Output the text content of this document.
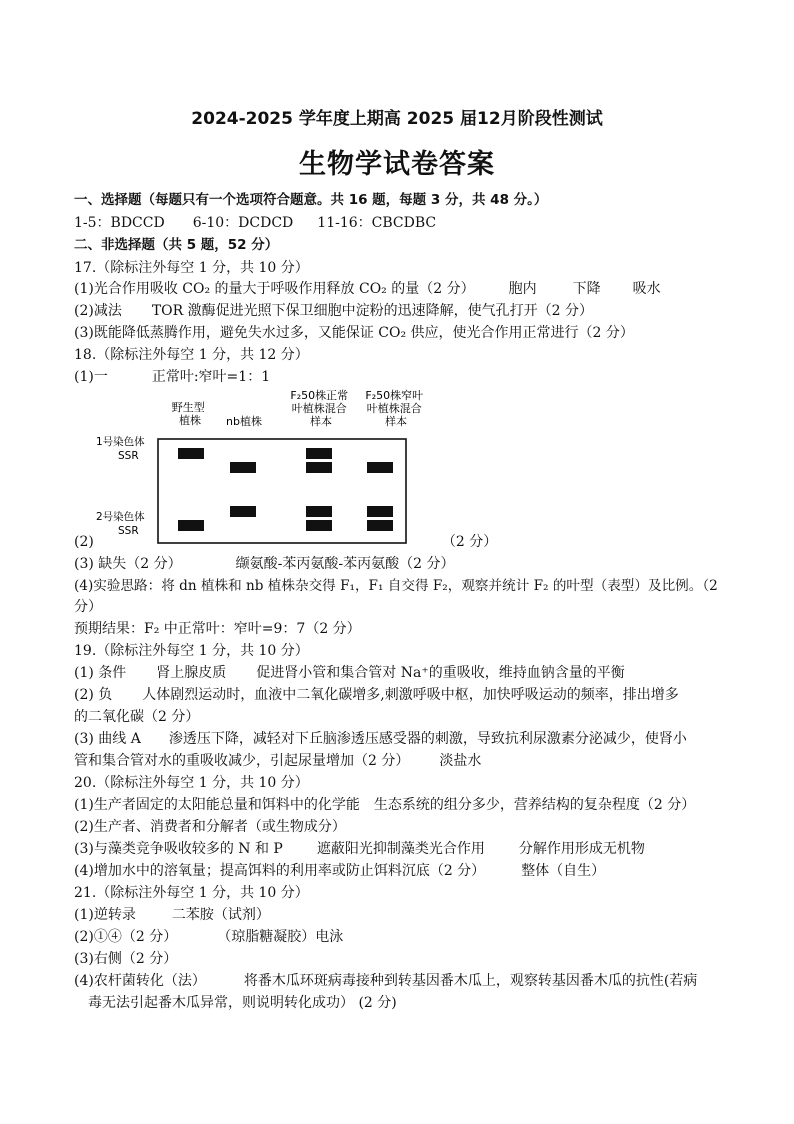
2024-2025 学年度上期高 2025 届12月阶段性测试
生物学试卷答案
一、选择题（每题只有一个选项符合题意。共 16 题，每题 3 分，共 48 分。）
1-5：BDCCD 6-10：DCDCD 11-16：CBCDBC
二、非选择题（共 5 题，52 分）
17.（除标注外每空 1 分，共 10 分）
(1)光合作用吸收 CO₂ 的量大于呼吸作用释放 CO₂ 的量（2 分） 胞内	下降 吸水
(2)减法 TOR 激酶促进光照下保卫细胞中淀粉的迅速降解，使气孔打开（2 分）
(3)既能降低蒸腾作用，避免失水过多，又能保证 CO₂ 供应，使光合作用正常进行（2 分）
18.（除标注外每空 1 分，共 12 分）
(1)一	正常叶:窄叶=1：1
野生型 植株	nb植株
F₂50株正常 叶植株混合 样本
F₂50株窄叶 叶植株混合 样本
1号染色体 SSR
2号染色体 SSR
(2)	（2 分）
(3) 缺失（2 分）	缬氨酸-苯丙氨酸-苯丙氨酸（2 分）
(4)实验思路：将 dn 植株和 nb 植株杂交得 F₁，F₁ 自交得 F₂，观察并统计 F₂ 的叶型（表型）及比例。（2
分）
预期结果：F₂ 中正常叶：窄叶=9：7（2 分）
19.（除标注外每空 1 分，共 10 分）
(1) 条件 肾上腺皮质 促进肾小管和集合管对 Na⁺的重吸收，维持血钠含量的平衡
(2) 负 人体剧烈运动时，血液中二氧化碳增多,刺激呼吸中枢，加快呼吸运动的频率，排出增多
的二氧化碳（2 分）
(3) 曲线 A 渗透压下降，减轻对下丘脑渗透压感受器的刺激，导致抗利尿激素分泌减少，使肾小
管和集合管对水的重吸收减少，引起尿量增加（2 分） 淡盐水
20.（除标注外每空 1 分，共 10 分）
(1)生产者固定的太阳能总量和饵料中的化学能 生态系统的组分多少，营养结构的复杂程度（2 分）
(2)生产者、消费者和分解者（或生物成分）
(3)与藻类竞争吸收较多的 N 和 P 遮蔽阳光抑制藻类光合作用 分解作用形成无机物
(4)增加水中的溶氧量；提高饵料的利用率或防止饵料沉底（2 分）	整体（自生）
21.（除标注外每空 1 分，共 10 分）
(1)逆转录	二苯胺（试剂）
(2)①④（2 分）	（琼脂糖凝胶）电泳
(3)右侧（2 分）
(4)农杆菌转化（法）	将番木瓜环斑病毒接种到转基因番木瓜上，观察转基因番木瓜的抗性(若病
毒无法引起番木瓜异常，则说明转化成功） (2 分)
